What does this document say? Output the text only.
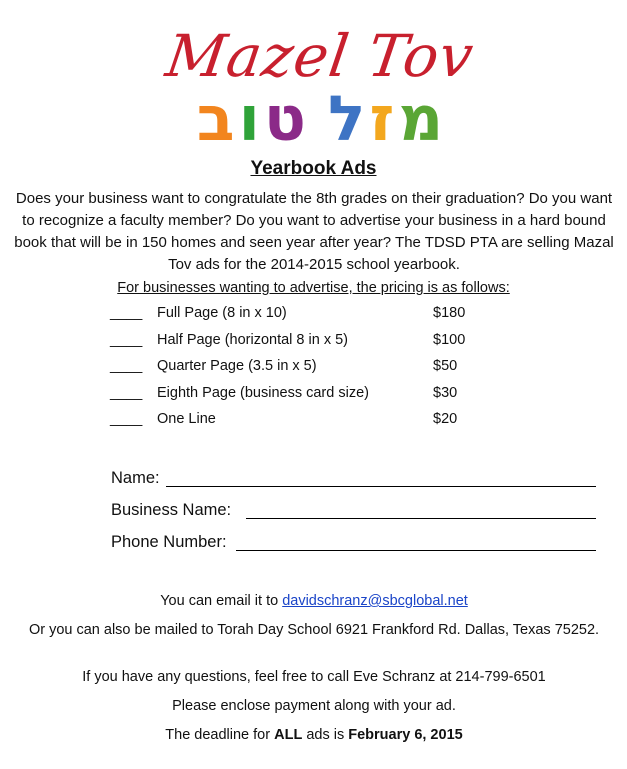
Mazel Tov
ב ו ט ל ז מ
Yearbook Ads
Does your business want to congratulate the 8th grades on their graduation? Do you want to recognize a faculty member? Do you want to advertise your business in a hard bound book that will be in 150 homes and seen year after year? The TDSD PTA are selling Mazal Tov ads for the 2014-2015 school yearbook.
For businesses wanting to advertise, the pricing is as follows:
____ Full Page (8 in x 10)	$180
____ Half Page (horizontal 8 in x 5)	$100
____ Quarter Page (3.5 in x 5)	$50
____ Eighth Page (business card size)	$30
____ One Line	$20
Name:
Business Name:
Phone Number:
You can email it to davidschranz@sbcglobal.net
Or you can also be mailed to Torah Day School 6921 Frankford Rd. Dallas, Texas 75252.
If you have any questions, feel free to call Eve Schranz at 214-799-6501
Please enclose payment along with your ad.
The deadline for ALL ads is February 6, 2015
